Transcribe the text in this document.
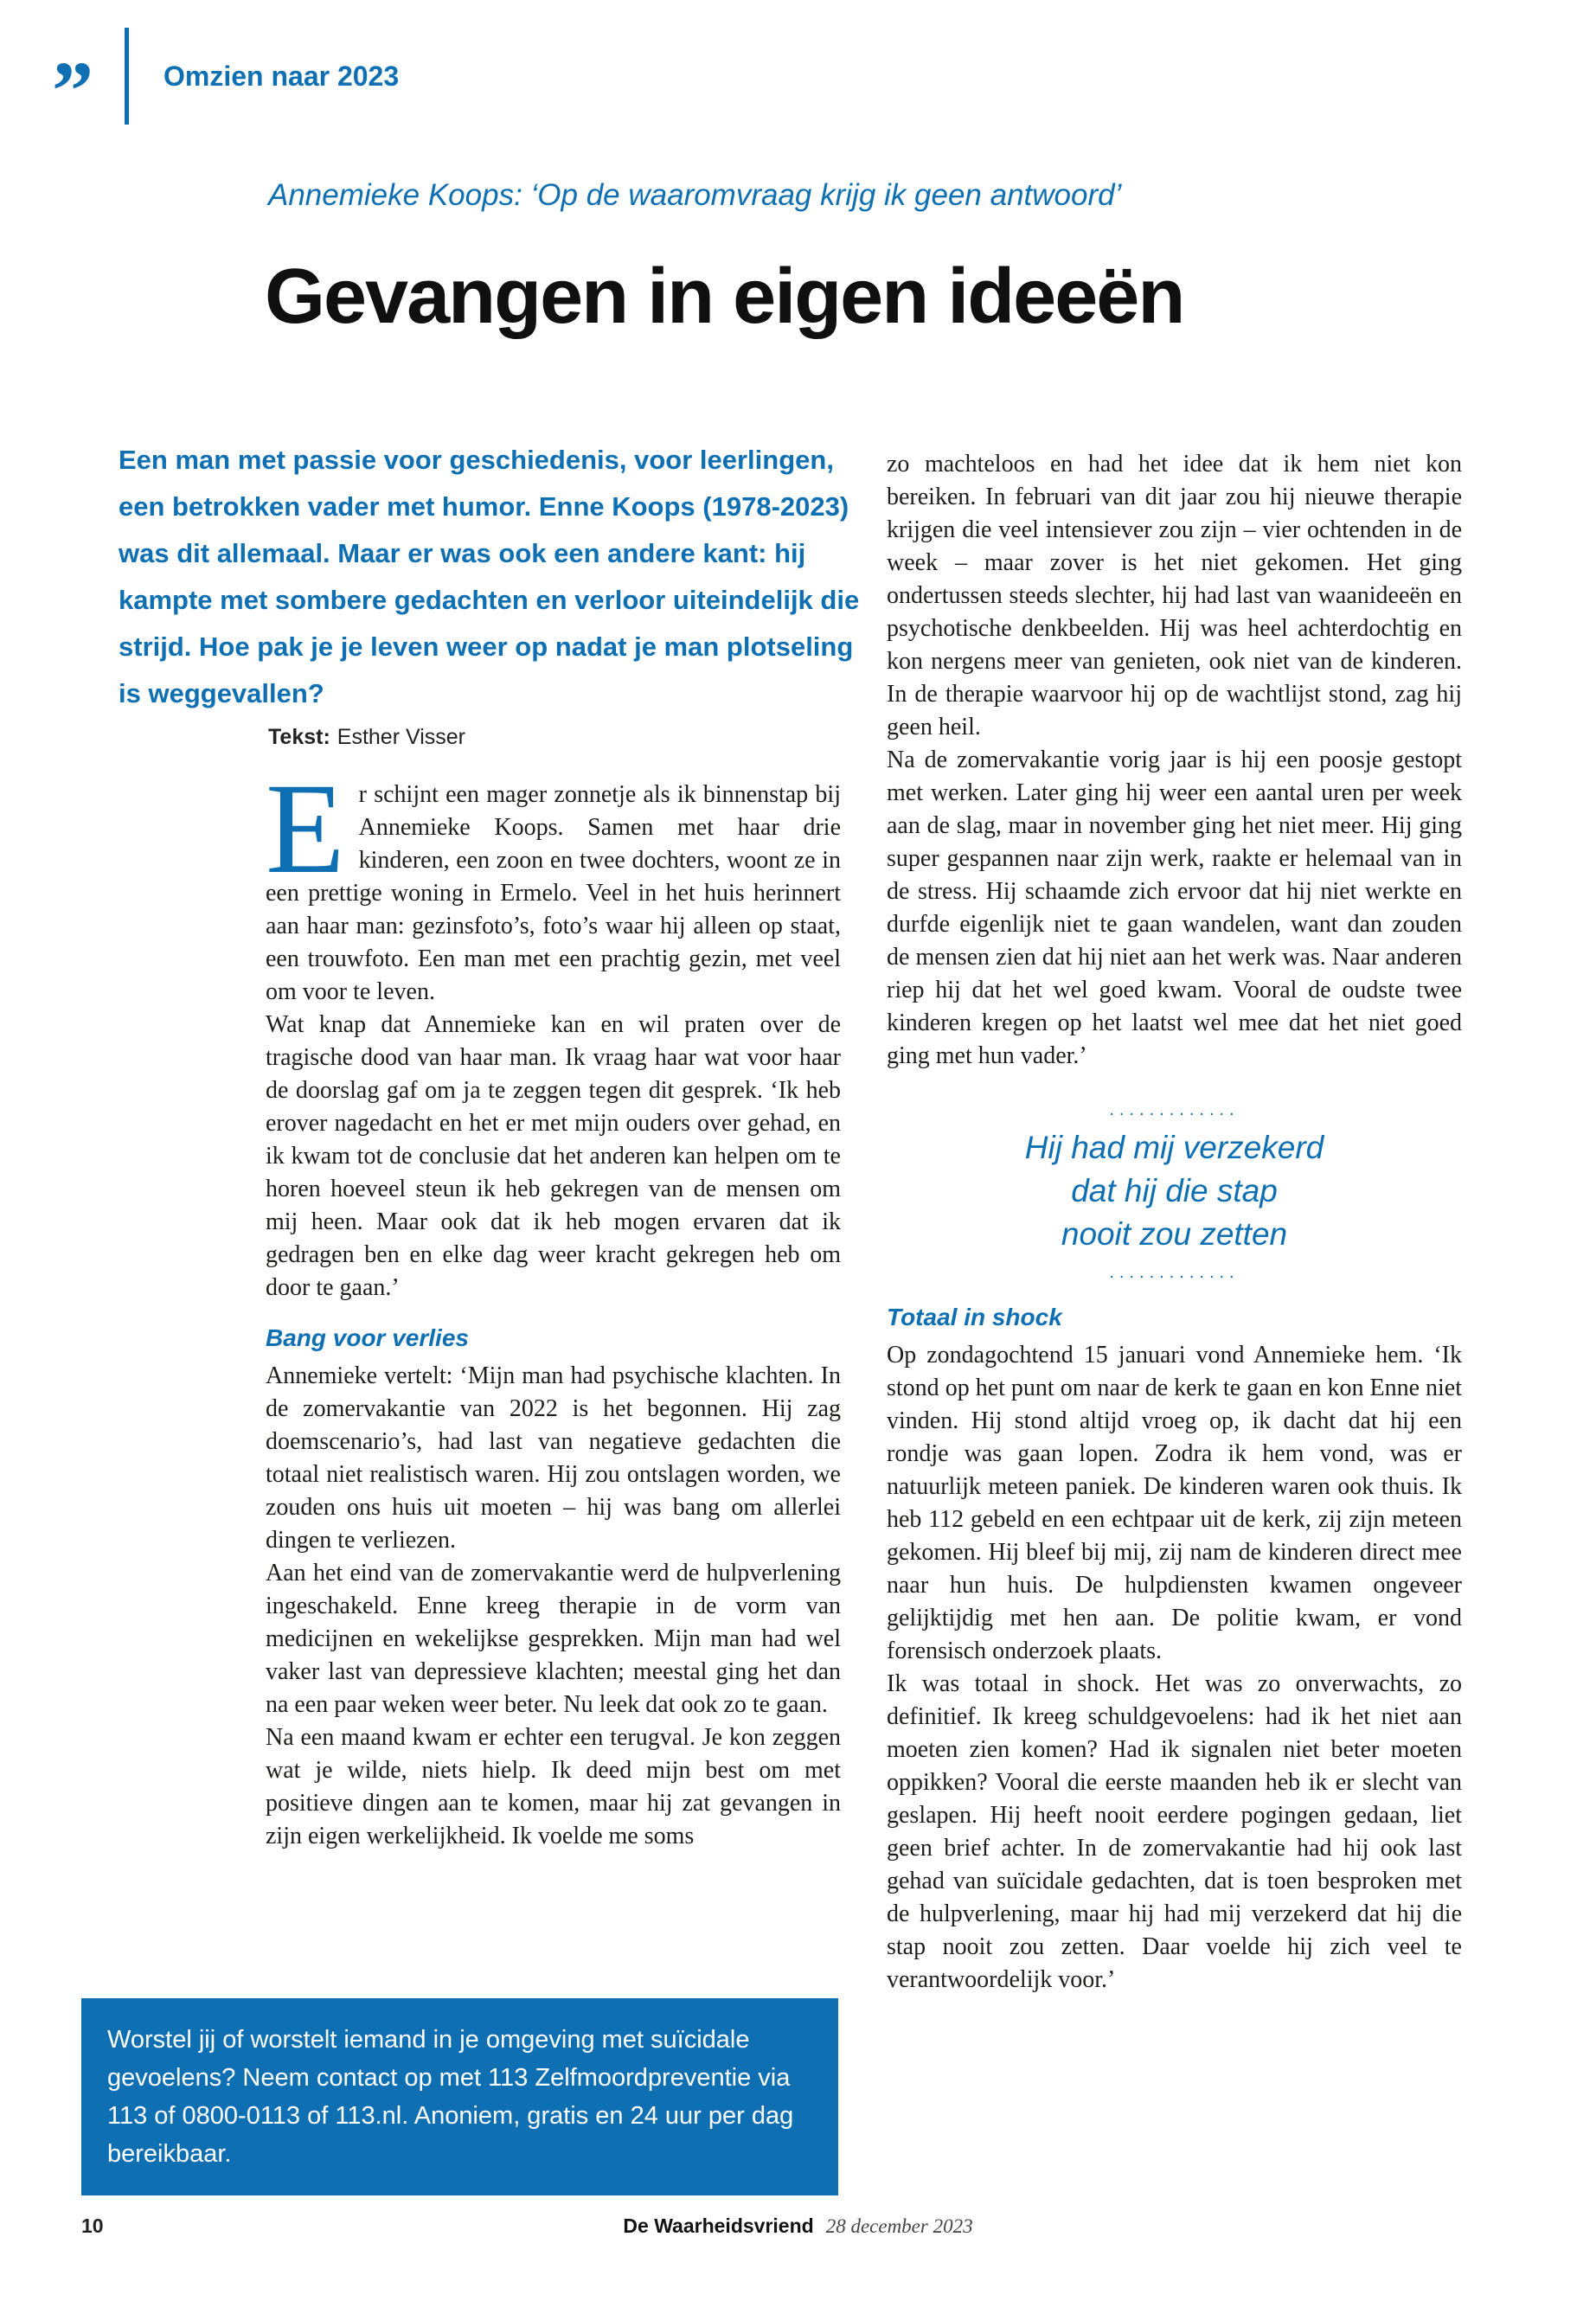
”	Omzien naar 2023
Annemieke Koops: ‘Op de waaromvraag krijg ik geen antwoord’
Gevangen in eigen ideeën
Een man met passie voor geschiedenis, voor leerlingen, een betrokken vader met humor. Enne Koops (1978-2023) was dit allemaal. Maar er was ook een andere kant: hij kampte met sombere gedachten en verloor uiteindelijk die strijd. Hoe pak je je leven weer op nadat je man plotseling is weggevallen?
Tekst: Esther Visser

Er schijnt een mager zonnetje als ik binnenstap bij Annemieke Koops. Samen met haar drie kinderen, een zoon en twee dochters, woont ze in een prettige woning in Ermelo. Veel in het huis herinnert aan haar man: gezinsfoto’s, foto’s waar hij alleen op staat, een trouwfoto. Een man met een prachtig gezin, met veel om voor te leven.

Wat knap dat Annemieke kan en wil praten over de tragische dood van haar man. Ik vraag haar wat voor haar de doorslag gaf om ja te zeggen tegen dit gesprek. ‘Ik heb erover nagedacht en het er met mijn ouders over gehad, en ik kwam tot de conclusie dat het anderen kan helpen om te horen hoeveel steun ik heb gekregen van de mensen om mij heen. Maar ook dat ik heb mogen ervaren dat ik gedragen ben en elke dag weer kracht gekregen heb om door te gaan.’

Bang voor verlies

Annemieke vertelt: ‘Mijn man had psychische klachten. In de zomervakantie van 2022 is het begonnen. Hij zag doemscenario’s, had last van negatieve gedachten die totaal niet realistisch waren. Hij zou ontslagen worden, we zouden ons huis uit moeten – hij was bang om allerlei dingen te verliezen.

Aan het eind van de zomervakantie werd de hulpverlening ingeschakeld. Enne kreeg therapie in de vorm van medicijnen en wekelijkse gesprekken. Mijn man had wel vaker last van depressieve klachten; meestal ging het dan na een paar weken weer beter. Nu leek dat ook zo te gaan.

Na een maand kwam er echter een terugval. Je kon zeggen wat je wilde, niets hielp. Ik deed mijn best om met positieve dingen aan te komen, maar hij zat gevangen in zijn eigen werkelijkheid. Ik voelde me soms

zo machteloos en had het idee dat ik hem niet kon bereiken. In februari van dit jaar zou hij nieuwe therapie krijgen die veel intensiever zou zijn – vier ochtenden in de week – maar zover is het niet gekomen. Het ging ondertussen steeds slechter, hij had last van waanideeën en psychotische denkbeelden. Hij was heel achterdochtig en kon nergens meer van genieten, ook niet van de kinderen. In de therapie waarvoor hij op de wachtlijst stond, zag hij geen heil.

Na de zomervakantie vorig jaar is hij een poosje gestopt met werken. Later ging hij weer een aantal uren per week aan de slag, maar in november ging het niet meer. Hij ging super gespannen naar zijn werk, raakte er helemaal van in de stress. Hij schaamde zich ervoor dat hij niet werkte en durfde eigenlijk niet te gaan wandelen, want dan zouden de mensen zien dat hij niet aan het werk was. Naar anderen riep hij dat het wel goed kwam. Vooral de oudste twee kinderen kregen op het laatst wel mee dat het niet goed ging met hun vader.’

.............
Hij had mij verzekerd
dat hij die stap
nooit zou zetten
.............
Totaal in shock

Op zondagochtend 15 januari vond Annemieke hem. ‘Ik stond op het punt om naar de kerk te gaan en kon Enne niet vinden. Hij stond altijd vroeg op, ik dacht dat hij een rondje was gaan lopen. Zodra ik hem vond, was er natuurlijk meteen paniek. De kinderen waren ook thuis. Ik heb 112 gebeld en een echtpaar uit de kerk, zij zijn meteen gekomen. Hij bleef bij mij, zij nam de kinderen direct mee naar hun huis. De hulpdiensten kwamen ongeveer gelijktijdig met hen aan. De politie kwam, er vond forensisch onderzoek plaats.

Ik was totaal in shock. Het was zo onverwachts, zo definitief. Ik kreeg schuldgevoelens: had ik het niet aan moeten zien komen? Had ik signalen niet beter moeten oppikken? Vooral die eerste maanden heb ik er slecht van geslapen. Hij heeft nooit eerdere pogingen gedaan, liet geen brief achter. In de zomervakantie had hij ook last gehad van suïcidale gedachten, dat is toen besproken met de hulpverlening, maar hij had mij verzekerd dat hij die stap nooit zou zetten. Daar voelde hij zich veel te verantwoordelijk voor.’

Worstel jij of worstelt iemand in je omgeving met suïcidale gevoelens? Neem contact op met 113 Zelfmoordpreventie via 113 of 0800-0113 of 113.nl. Anoniem, gratis en 24 uur per dag bereikbaar.

10	De Waarheidsvriend 28 december 2023
